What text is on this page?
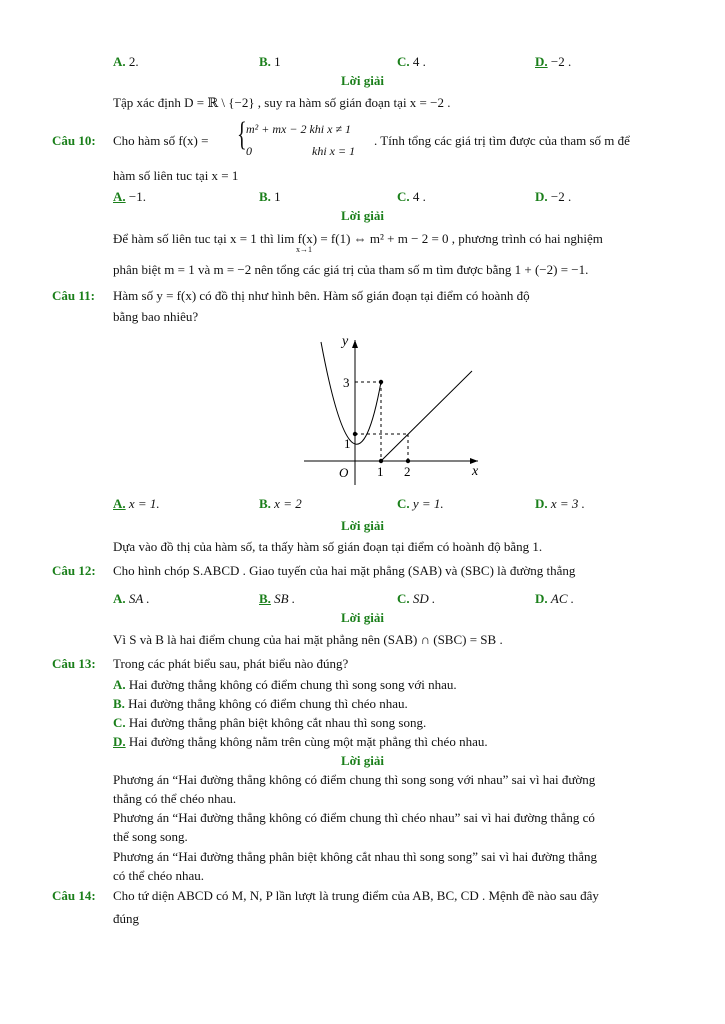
A. 2.	B. 1	C. 4 .	D. −2 .
Lời giải
Tập xác định D = ℝ \ {−2} , suy ra hàm số gián đoạn tại x = −2 .
Câu 10: Cho hàm số f(x) = { m² + mx − 2 khi x ≠ 1
0                    khi x = 1
. Tính tổng các giá trị tìm được của tham số m để
hàm số liên tuc tại x = 1
A. −1.	B. 1	C. 4 .	D. −2 .
Lời giải
Để hàm số liên tuc tại x = 1 thì lim f(x) = f(1) ⇔ m² + m − 2 = 0 , phương trình có hai nghiệm
x→1
phân biệt m = 1 và m = −2 nên tổng các giá trị của tham số m tìm được bằng 1 + (−2) = −1.
Câu 11: Hàm số y = f(x) có đồ thị như hình bên. Hàm số gián đoạn tại điểm có hoành độ
bằng bao nhiêu?
y
x
O
3
1
1 2
A. x = 1.	B. x = 2	C. y = 1.	D. x = 3 .
Lời giải
Dựa vào đồ thị của hàm số, ta thấy hàm số gián đoạn tại điểm có hoành độ bằng 1.
Câu 12: Cho hình chóp S.ABCD . Giao tuyến của hai mặt phẳng (SAB) và (SBC) là đường thẳng
A. SA .	B. SB .	C. SD .	D. AC .
Lời giải
Vì S và B là hai điểm chung của hai mặt phẳng nên (SAB) ∩ (SBC) = SB .
Câu 13: Trong các phát biểu sau, phát biểu nào đúng?
A. Hai đường thẳng không có điểm chung thì song song với nhau.
B. Hai đường thẳng không có điểm chung thì chéo nhau.
C. Hai đường thẳng phân biệt không cắt nhau thì song song.
D. Hai đường thẳng không nằm trên cùng một mặt phẳng thì chéo nhau.
Lời giải
Phương án “Hai đường thẳng không có điểm chung thì song song với nhau” sai vì hai đường
thẳng có thể chéo nhau.
Phương án “Hai đường thẳng không có điểm chung thì chéo nhau” sai vì hai đường thẳng có
thể song song.
Phương án “Hai đường thẳng phân biệt không cắt nhau thì song song” sai vì hai đường thẳng
có thể chéo nhau.
Câu 14: Cho tứ diện ABCD có M, N, P lần lượt là trung điểm của AB, BC, CD . Mệnh đề nào sau đây
đúng
